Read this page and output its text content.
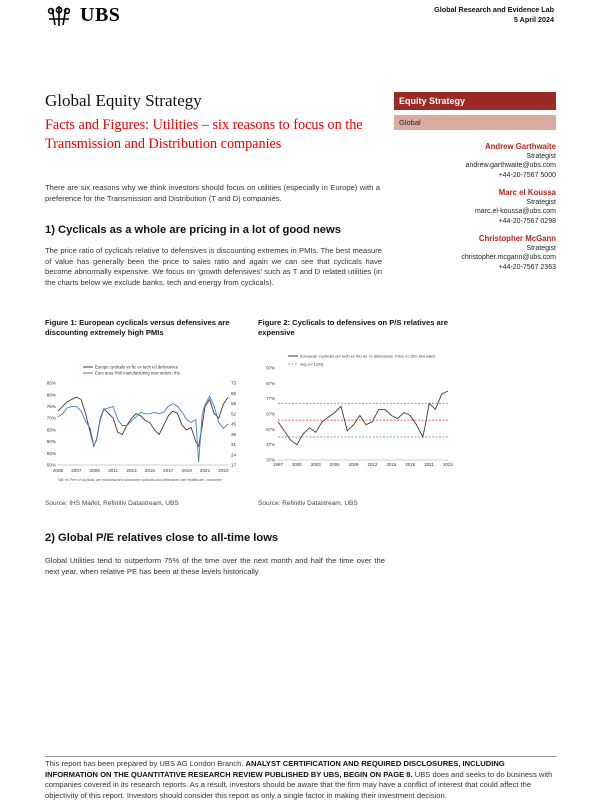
UBS	Global Research and Evidence Lab
5 April 2024
Global Equity Strategy
Facts and Figures: Utilities – six reasons to focus on the Transmission and Distribution companies
Equity Strategy
Global
Andrew Garthwaite
Strategist
andrew.garthwaite@ubs.com
+44-20-7567 5000
Marc el Koussa
Strategist
marc.el-koussa@ubs.com
+44-20-7567 0298
Christopher McGann
Strategist
christopher.mcgann@ubs.com
+44-20-7567 2363
There are six reasons why we think investors should focus on utilities (especially in Europe) with a preference for the Transmission and Distribution (T and D) companies.
1) Cyclicals as a whole are pricing in a lot of good news
The price ratio of cyclicals relative to defensives is discounting extremes in PMIs. The best measure of value has generally been the price to sales ratio and again we can see that cyclicals have become abnormally expensive. We focus on ‘growth defensives’ such as T and D related utilities (in the charts below we exclude banks, tech and energy from cyclicals).
Figure 1: European cyclicals versus defensives are discounting extremely high PMIs
Figure 2: Cyclicals to defensives on P/S relatives are expensive
Europe cyclicals vs ftc ex tech rel defensives
Euro area PMI manufacturing new orders, rhs
2005 2007 2009 2011 2013 2015 2017 2019 2021 2023
50%
55%
60%
65%
70%
75%
80%
85%
17
24
31
38
45
52
59
66
73
NB: rel Perf of cyclicals are industrial and consumer cyclicals and defensives are Healthcare, consumer
European Cyclicals (ex tech ex fin) rel. to defensives: Price to 12m fwd sales
avg (+/-1Std)
1997 2000 2003 2006 2009 2012 2015 2018 2021 2024
37%
47%
57%
67%
77%
87%
97%
Source: IHS Markit, Refinitiv Datastream, UBS	Source: Refinitiv Datastream, UBS
2) Global P/E relatives close to all-time lows
Global Utilities tend to outperform 75% of the time over the next month and half the time over the next year, when relative PE has been at these levels historically.
This report has been prepared by UBS AG London Branch. ANALYST CERTIFICATION AND REQUIRED DISCLOSURES, INCLUDING INFORMATION ON THE QUANTITATIVE RESEARCH REVIEW PUBLISHED BY UBS, BEGIN ON PAGE 8. UBS does and seeks to do business with companies covered in its research reports. As a result, investors should be aware that the firm may have a conflict of interest that could affect the objectivity of this report. Investors should consider this report as only a single factor in making their investment decision.
